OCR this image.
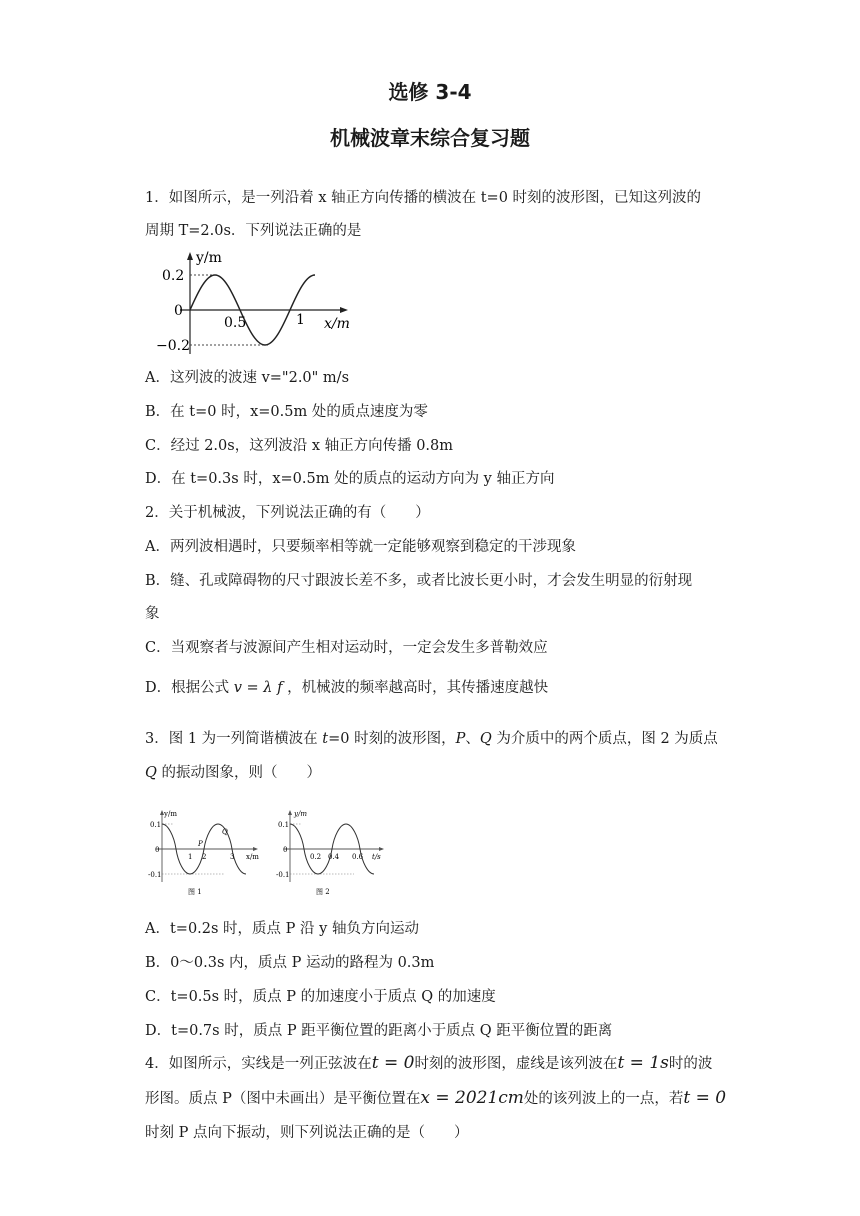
选修 3-4
机械波章末综合复习题
1．如图所示，是一列沿着 x 轴正方向传播的横波在 t=0 时刻的波形图，已知这列波的
周期 T=2.0s．下列说法正确的是
y/m
0.2
0
−0.2
0.5	1 x/m
A．这列波的波速 v="2.0" m/s
B．在 t=0 时，x=0.5m 处的质点速度为零
C．经过 2.0s，这列波沿 x 轴正方向传播 0.8m
D．在 t=0.3s 时，x=0.5m 处的质点的运动方向为 y 轴正方向
2．关于机械波，下列说法正确的有（　　）
A．两列波相遇时，只要频率相等就一定能够观察到稳定的干涉现象
B．缝、孔或障碍物的尺寸跟波长差不多，或者比波长更小时，才会发生明显的衍射现
象
C．当观察者与波源间产生相对运动时，一定会发生多普勒效应
D．根据公式 v = λ f ，机械波的频率越高时，其传播速度越快
3．图 1 为一列简谐横波在 t=0 时刻的波形图，P、Q 为介质中的两个质点，图 2 为质点
Q 的振动图象，则（　　）
y/m
0.1
0
-0.1
1 2	3
P
Q
x/m
图 1
y/m
0.1
0
-0.1
0.2 0.4 0.6 t/s
图 2
A．t=0.2s 时，质点 P 沿 y 轴负方向运动
B．0～0.3s 内，质点 P 运动的路程为 0.3m
C．t=0.5s 时，质点 P 的加速度小于质点 Q 的加速度
D．t=0.7s 时，质点 P 距平衡位置的距离小于质点 Q 距平衡位置的距离
4．如图所示，实线是一列正弦波在t = 0时刻的波形图，虚线是该列波在t = 1s时的波
形图。质点 P（图中未画出）是平衡位置在x = 2021cm处的该列波上的一点，若t = 0
时刻 P 点向下振动，则下列说法正确的是（　　）
